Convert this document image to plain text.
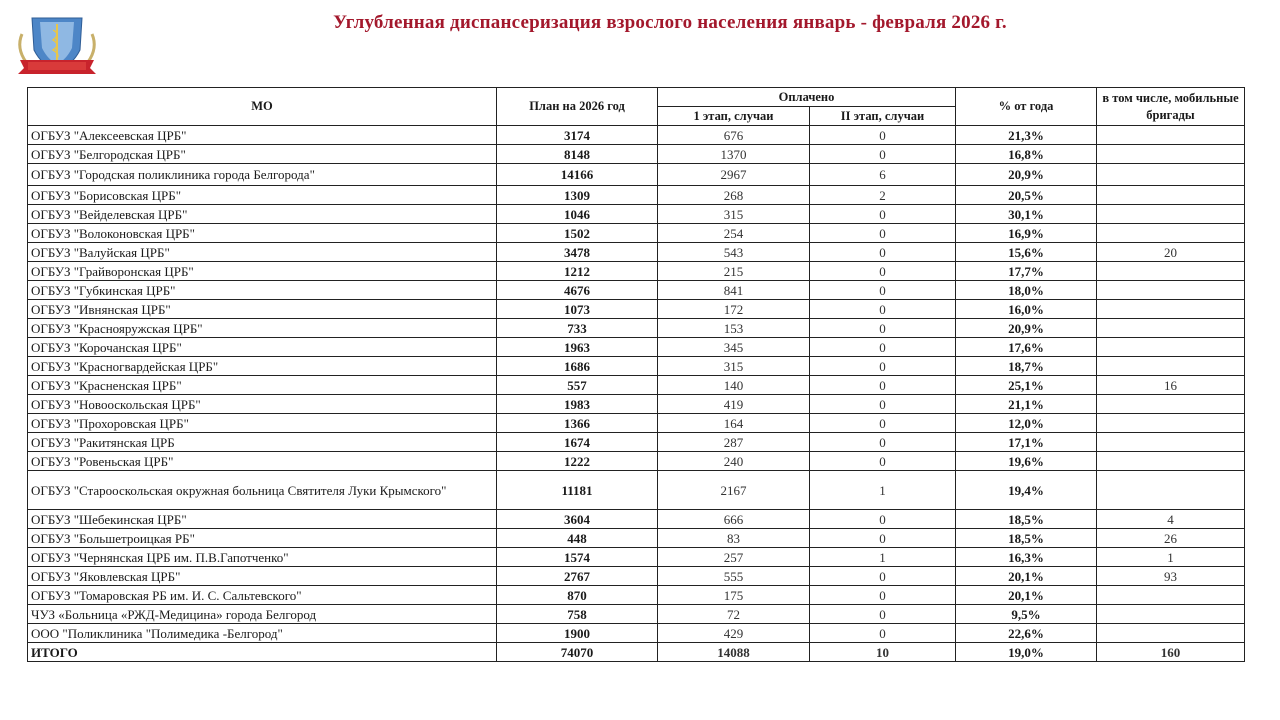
Углубленная диспансеризация взрослого населения январь - февраля 2026 г.
МО	План на 2026 год	Оплачено		% от года	в том числе, мобильные бригады
		1 этап, случаи	II этап, случаи		
ОГБУЗ "Алексеевская ЦРБ"	3174	676	0	21,3%	
ОГБУЗ "Белгородская ЦРБ"	8148	1370	0	16,8%	
ОГБУЗ "Городская поликлиника города Белгорода"	14166	2967	6	20,9%	
ОГБУЗ "Борисовская ЦРБ"	1309	268	2	20,5%	
ОГБУЗ "Вейделевская ЦРБ"	1046	315	0	30,1%	
ОГБУЗ "Волоконовская ЦРБ"	1502	254	0	16,9%	
ОГБУЗ "Валуйская ЦРБ"	3478	543	0	15,6%	20
ОГБУЗ "Грайворонская ЦРБ"	1212	215	0	17,7%	
ОГБУЗ "Губкинская ЦРБ"	4676	841	0	18,0%	
ОГБУЗ "Ивнянская ЦРБ"	1073	172	0	16,0%	
ОГБУЗ "Краснояружская ЦРБ"	733	153	0	20,9%	
ОГБУЗ "Корочанская ЦРБ"	1963	345	0	17,6%	
ОГБУЗ "Красногвардейская ЦРБ"	1686	315	0	18,7%	
ОГБУЗ "Красненская ЦРБ"	557	140	0	25,1%	16
ОГБУЗ "Новооскольская ЦРБ"	1983	419	0	21,1%	
ОГБУЗ "Прохоровская ЦРБ"	1366	164	0	12,0%	
ОГБУЗ "Ракитянская ЦРБ	1674	287	0	17,1%	
ОГБУЗ "Ровеньская ЦРБ"	1222	240	0	19,6%	
ОГБУЗ "Старооскольская окружная больница Святителя Луки Крымского"	11181	2167	1	19,4%	
ОГБУЗ "Шебекинская ЦРБ"	3604	666	0	18,5%	4
ОГБУЗ "Большетроицкая РБ"	448	83	0	18,5%	26
ОГБУЗ "Чернянская ЦРБ им. П.В.Гапотченко"	1574	257	1	16,3%	1
ОГБУЗ "Яковлевская ЦРБ"	2767	555	0	20,1%	93
ОГБУЗ "Томаровская РБ им. И. С. Сальтевского"	870	175	0	20,1%	
ЧУЗ «Больница «РЖД-Медицина» города Белгород	758	72	0	9,5%	
ООО "Поликлиника "Полимедика -Белгород"	1900	429	0	22,6%	
ИТОГО	74070	14088	10	19,0%	160
